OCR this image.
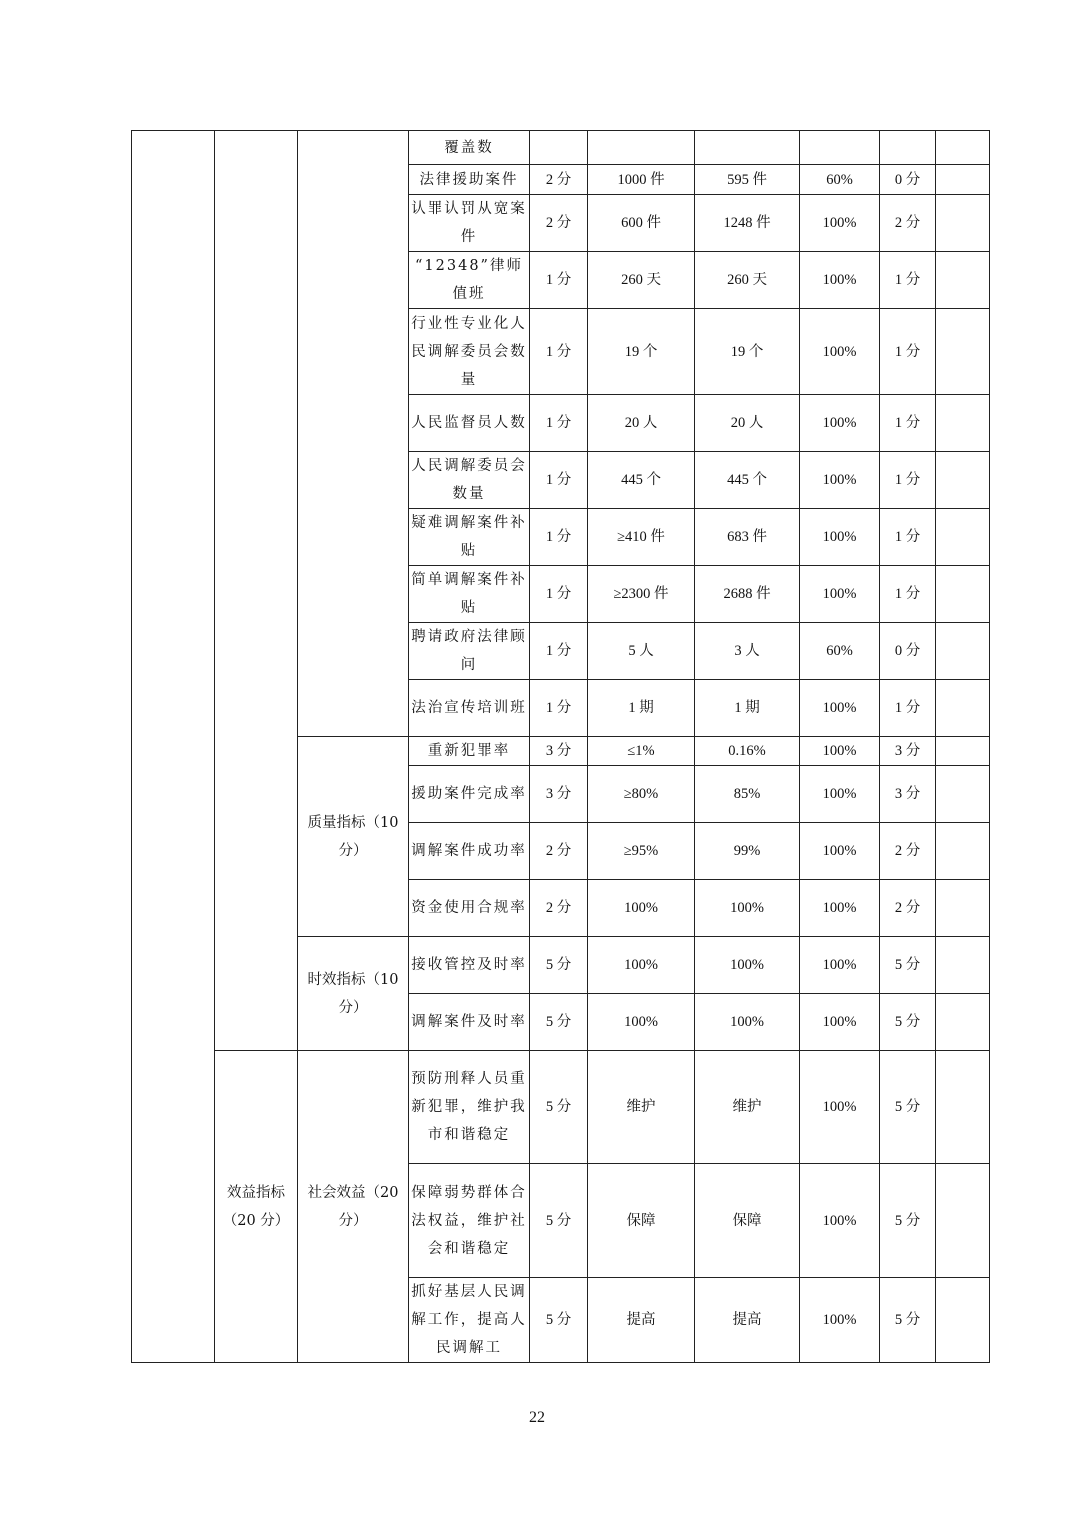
			覆盖数						
			法律援助案件	2 分	1000 件	595 件	60%	0 分	
			认罪认罚从宽案件	2 分	600 件	1248 件	100%	2 分	
			“12348”律师值班	1 分	260 天	260 天	100%	1 分	
			行业性专业化人民调解委员会数量	1 分	19 个	19 个	100%	1 分	
			人民监督员人数	1 分	20 人	20 人	100%	1 分	
			人民调解委员会数量	1 分	445 个	445 个	100%	1 分	
			疑难调解案件补贴	1 分	≥410 件	683 件	100%	1 分	
			简单调解案件补贴	1 分	≥2300 件	2688 件	100%	1 分	
			聘请政府法律顾问	1 分	5 人	3 人	60%	0 分	
			法治宣传培训班	1 分	1 期	1 期	100%	1 分	
		质量指标（10 分）	重新犯罪率	3 分	≤1%	0.16%	100%	3 分	
			援助案件完成率	3 分	≥80%	85%	100%	3 分	
			调解案件成功率	2 分	≥95%	99%	100%	2 分	
			资金使用合规率	2 分	100%	100%	100%	2 分	
		时效指标（10 分）	接收管控及时率	5 分	100%	100%	100%	5 分	
			调解案件及时率	5 分	100%	100%	100%	5 分	
	效益指标（20 分）	社会效益（20 分）	预防刑释人员重新犯罪，维护我市和谐稳定	5 分	维护	维护	100%	5 分	
			保障弱势群体合法权益，维护社会和谐稳定	5 分	保障	保障	100%	5 分	
			抓好基层人民调解工作，提高人民调解工	5 分	提高	提高	100%	5 分	
22
